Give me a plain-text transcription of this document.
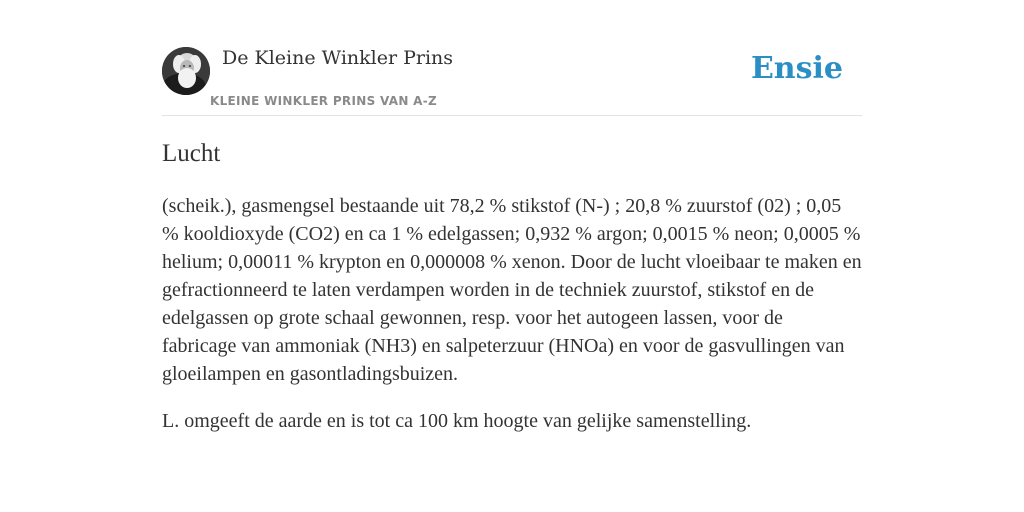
De Kleine Winkler Prins
KLEINE WINKLER PRINS VAN A-Z
Ensie
Lucht

(scheik.), gasmengsel bestaande uit 78,2 % stikstof (N-) ; 20,8 % zuurstof (02) ; 0,05 % kooldioxyde (CO2) en ca 1 % edelgassen; 0,932 % argon; 0,0015 % neon; 0,0005 % helium; 0,00011 % krypton en 0,000008 % xenon. Door de lucht vloeibaar te maken en gefractionneerd te laten verdampen worden in de techniek zuurstof, stikstof en de edelgassen op grote schaal gewonnen, resp. voor het autogeen lassen, voor de fabricage van ammoniak (NH3) en salpeterzuur (HNOa) en voor de gasvullingen van gloeilampen en gasontladingsbuizen.

L. omgeeft de aarde en is tot ca 100 km hoogte van gelijke samenstelling.
